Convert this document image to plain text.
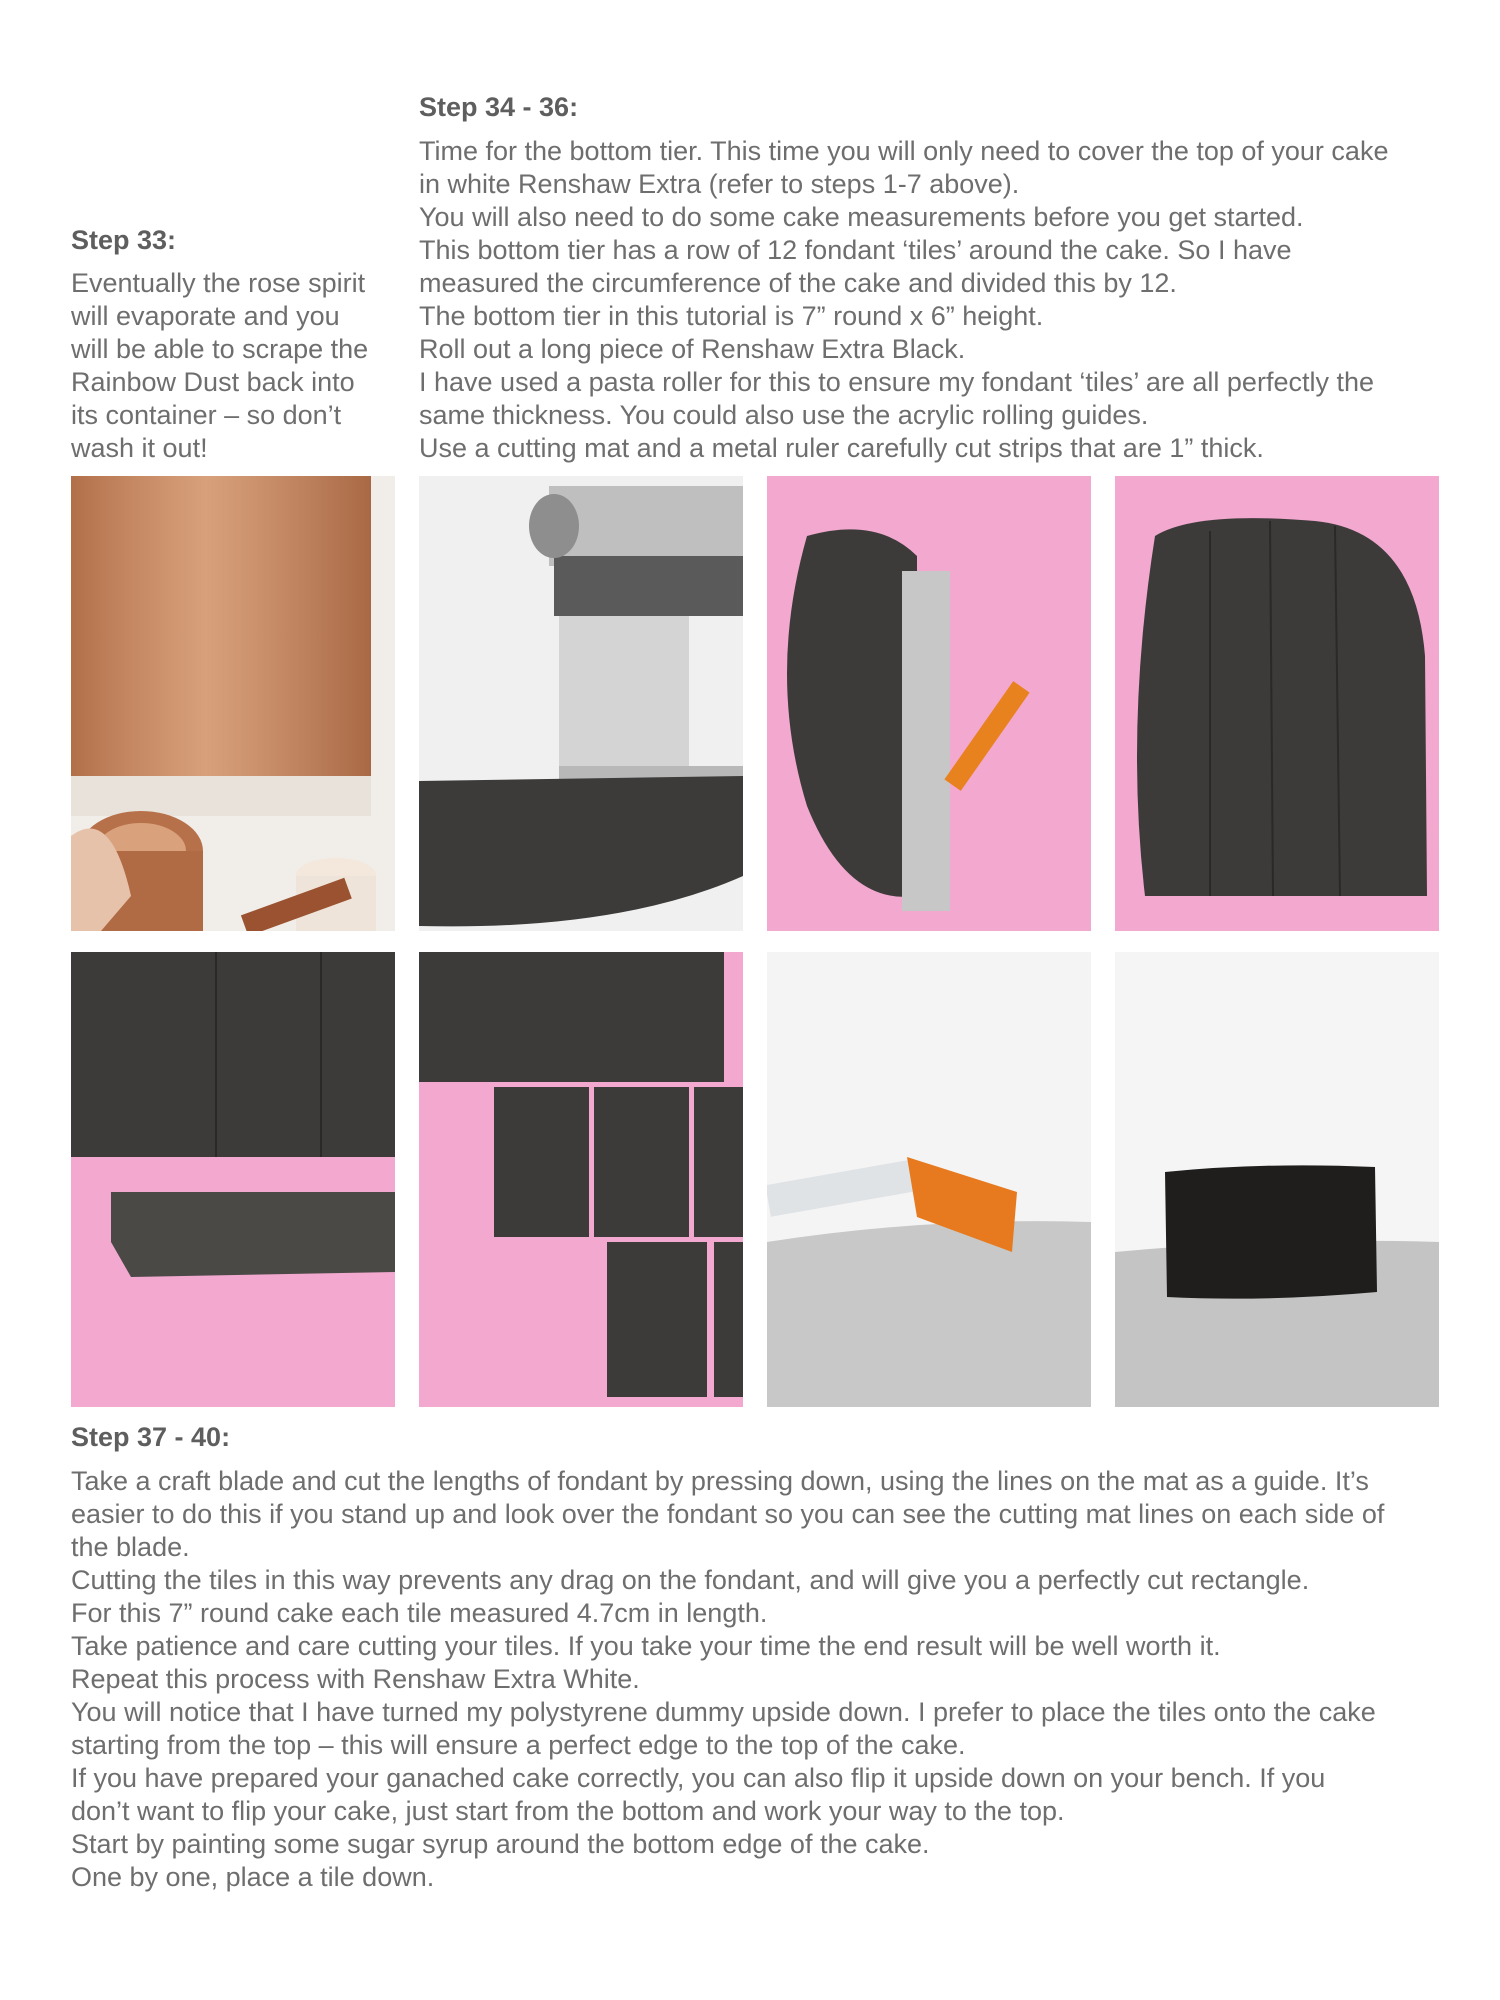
Step 34 - 36:
Time for the bottom tier. This time you will only need to cover the top of your cake
in white Renshaw Extra (refer to steps 1-7 above).
You will also need to do some cake measurements before you get started.
This bottom tier has a row of 12 fondant ‘tiles’ around the cake. So I have
measured the circumference of the cake and divided this by 12.
The bottom tier in this tutorial is 7” round x 6” height.
Roll out a long piece of Renshaw Extra Black.
I have used a pasta roller for this to ensure my fondant ‘tiles’ are all perfectly the
same thickness. You could also use the acrylic rolling guides.
Use a cutting mat and a metal ruler carefully cut strips that are 1” thick.
Step 33:
Eventually the rose spirit
will evaporate and you
will be able to scrape the
Rainbow Dust back into
its container – so don’t
wash it out!
Step 37 - 40:
Take a craft blade and cut the lengths of fondant by pressing down, using the lines on the mat as a guide. It’s
easier to do this if you stand up and look over the fondant so you can see the cutting mat lines on each side of
the blade.
Cutting the tiles in this way prevents any drag on the fondant, and will give you a perfectly cut rectangle.
For this 7” round cake each tile measured 4.7cm in length.
Take patience and care cutting your tiles. If you take your time the end result will be well worth it.
Repeat this process with Renshaw Extra White.
You will notice that I have turned my polystyrene dummy upside down. I prefer to place the tiles onto the cake
starting from the top – this will ensure a perfect edge to the top of the cake.
If you have prepared your ganached cake correctly, you can also flip it upside down on your bench. If you
don’t want to flip your cake, just start from the bottom and work your way to the top.
Start by painting some sugar syrup around the bottom edge of the cake.
One by one, place a tile down.
